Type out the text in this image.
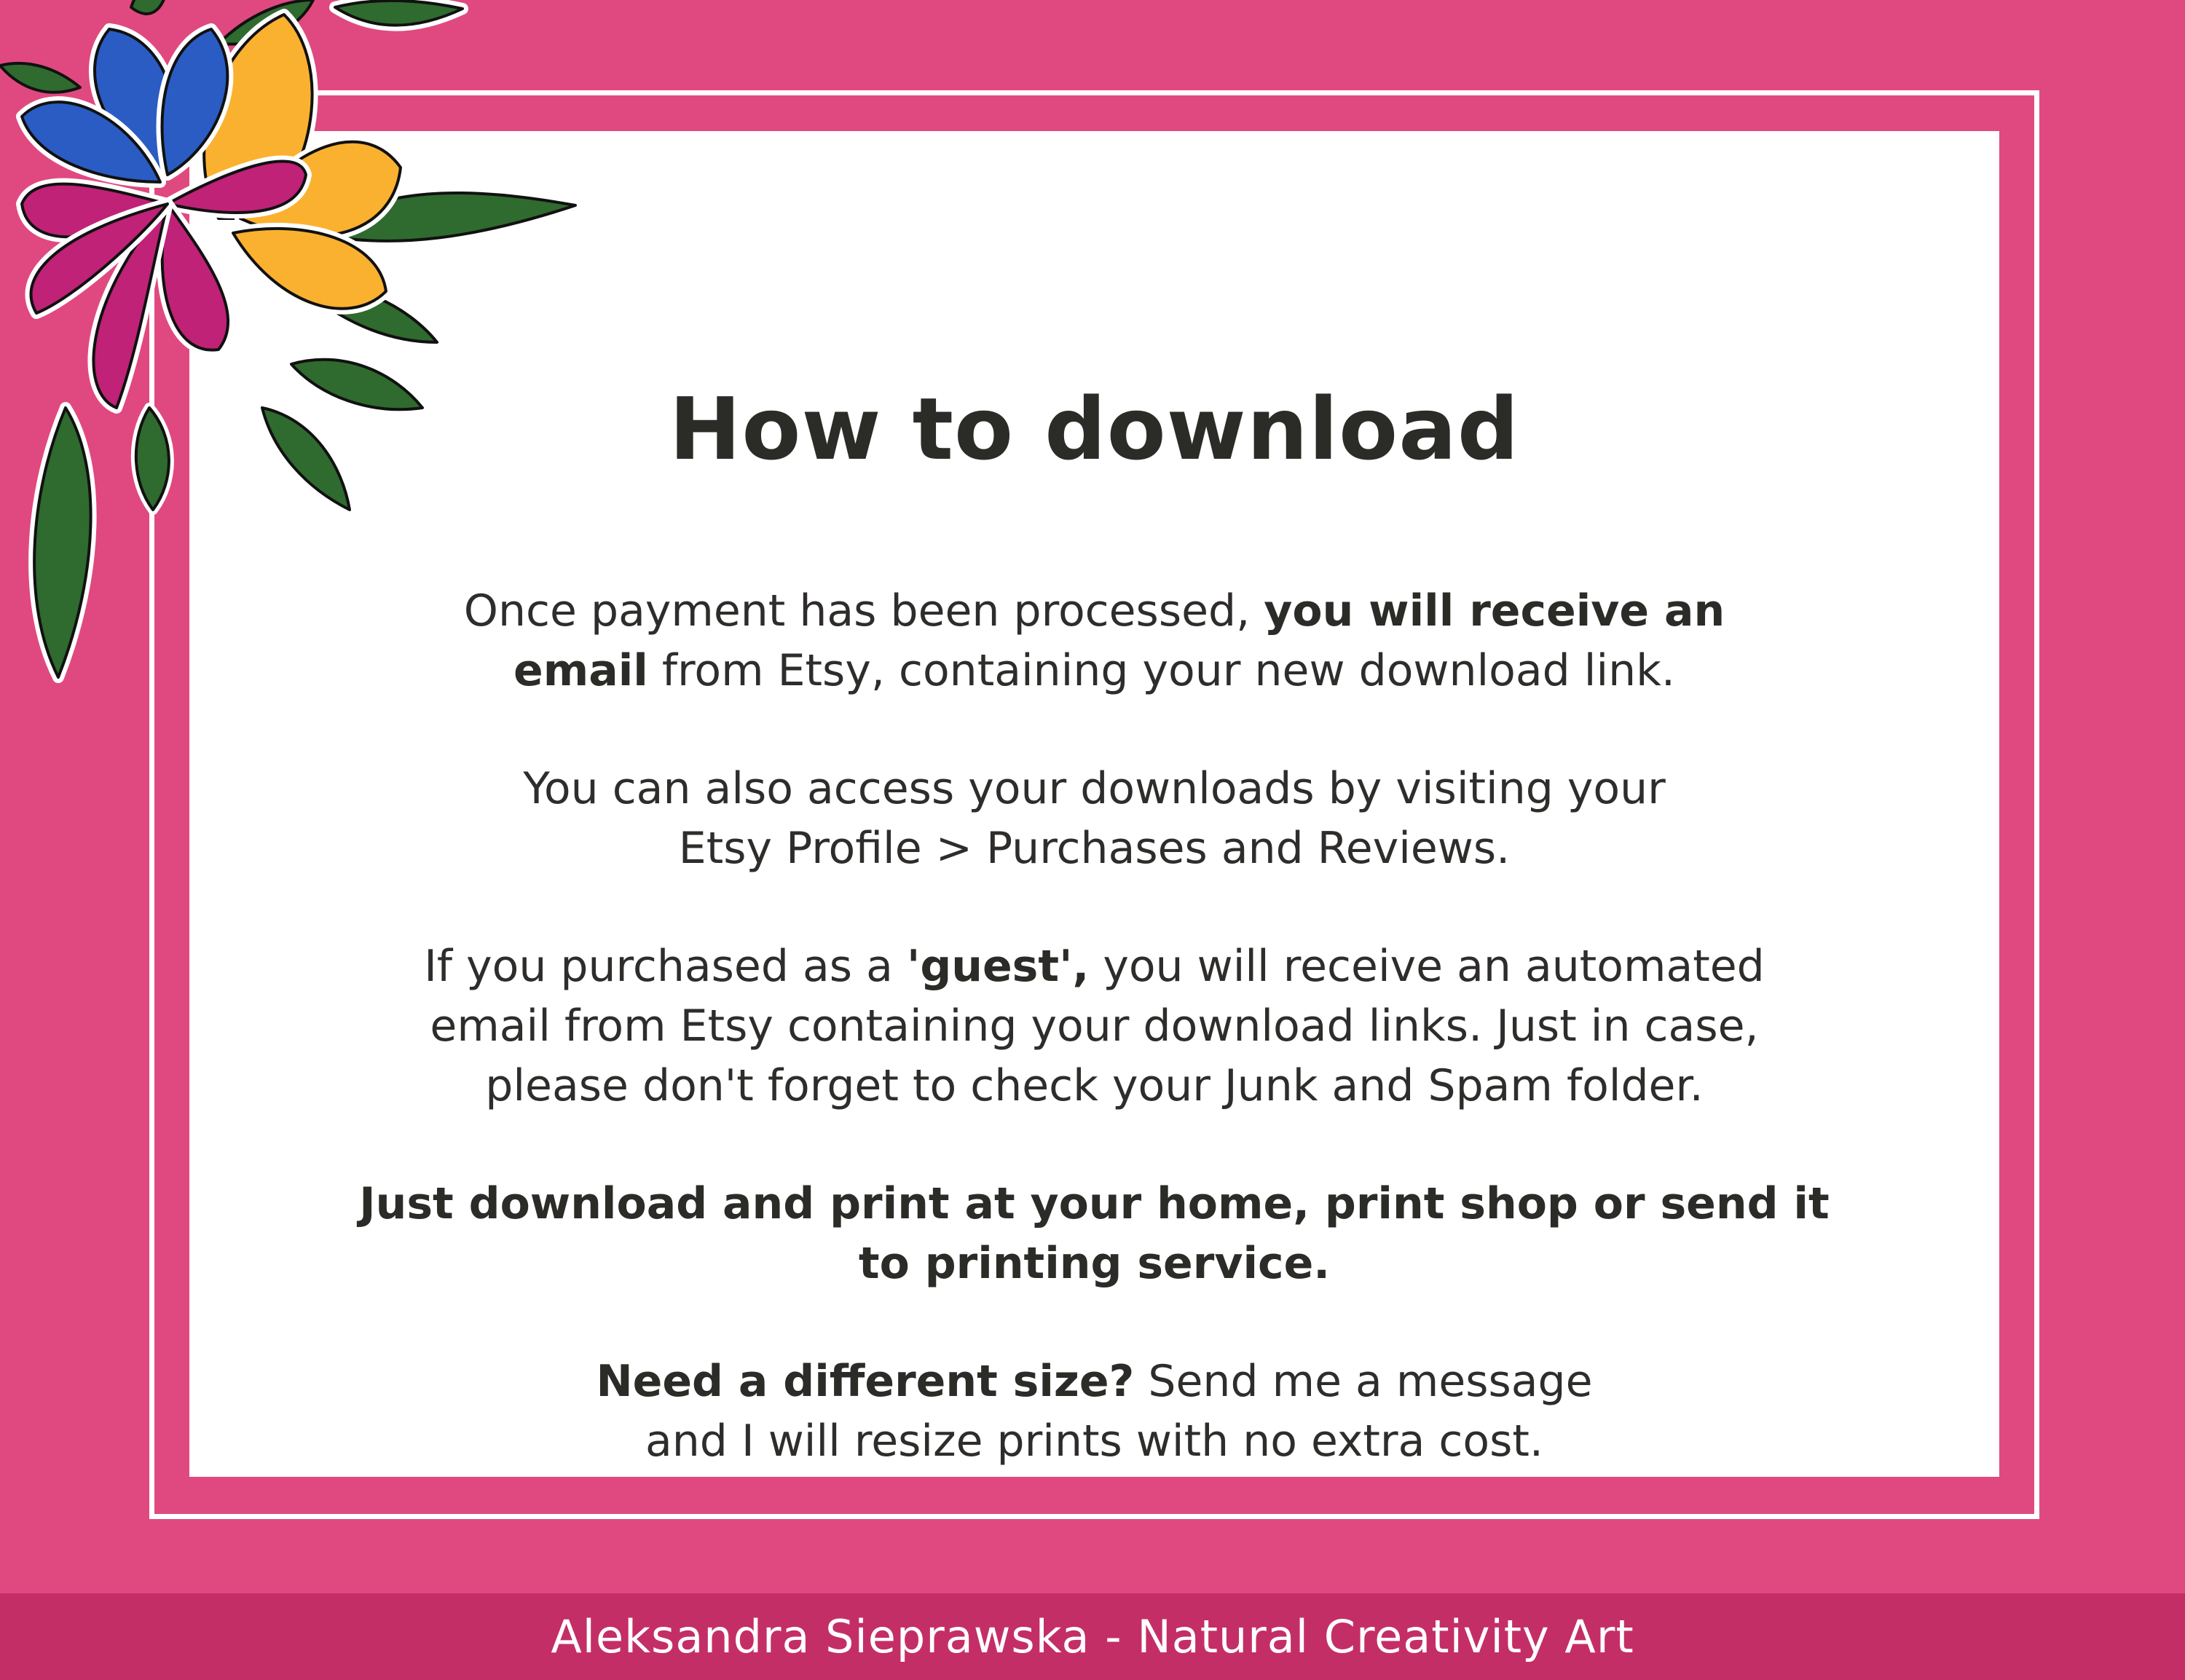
How to download

Once payment has been processed, you will receive an
email from Etsy, containing your new download link.

You can also access your downloads by visiting your
Etsy Profile > Purchases and Reviews.

If you purchased as a 'guest', you will receive an automated
email from Etsy containing your download links. Just in case,
please don't forget to check your Junk and Spam folder.

Just download and print at your home, print shop or send it
to printing service.

Need a different size? Send me a message
and I will resize prints with no extra cost.

Aleksandra Sieprawska - Natural Creativity Art
